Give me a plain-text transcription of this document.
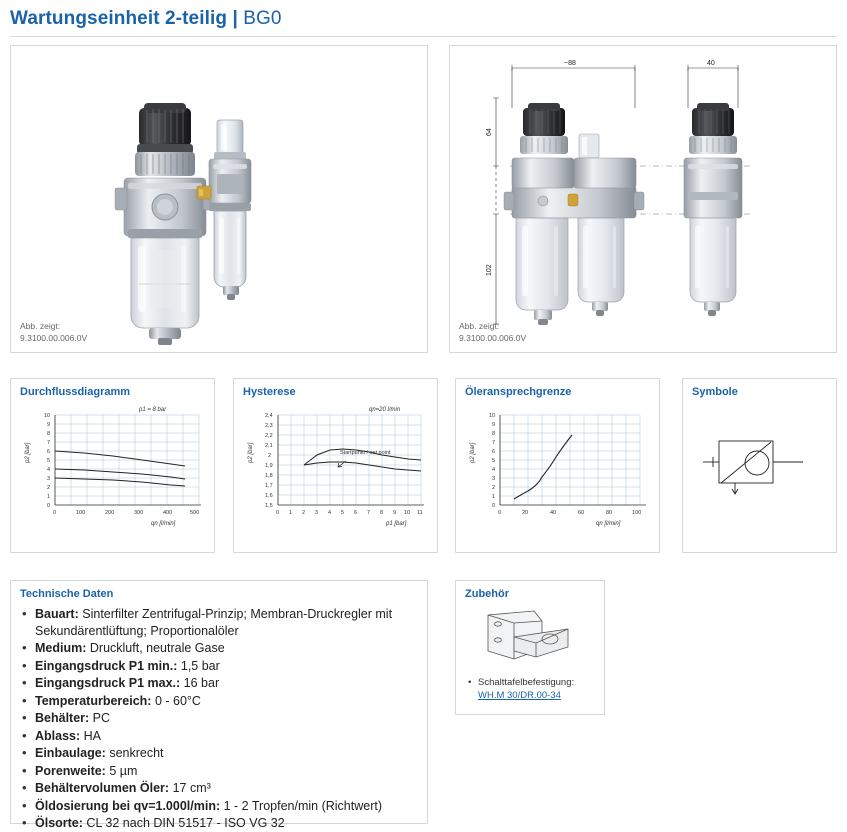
Wartungseinheit 2-teilig | BG0
Abb. zeigt:
9.3100.00.006.0V
~88	40
64
102
Abb. zeigt:
9.3100.00.006.0V
Durchflussdiagramm
10
9
8
7
6
5
4
3
2
1
0
0	100	200	300	400	500
p2 [bar]
qn [l/min]
p1 = 8 bar
Hysterese
2,4
2,3
2,2
2,1
2
1,9
1,8
1,7
1,6
1,5
0 1 2 3 4 5 6 7 8 9 10 11
p2 [bar]
p1 [bar]
qn=20 l/min
Startpunkt / set point
Öleransprechgrenze
10
9
8
7
6
5
4
3
2
1
0
0	20	40	60	80	100
p2 [bar]
qn [l/min]
Symbole
Technische Daten
• Bauart: Sinterfilter Zentrifugal-Prinzip; Membran-Druckregler mit Sekundärentlüftung; Proportionalöler
• Medium: Druckluft, neutrale Gase
• Eingangsdruck P1 min.: 1,5 bar
• Eingangsdruck P1 max.: 16 bar
• Temperaturbereich: 0 - 60°C
• Behälter: PC
• Ablass: HA
• Einbaulage: senkrecht
• Porenweite: 5 µm
• Behältervolumen Öler: 17 cm³
• Öldosierung bei qv=1.000l/min: 1 - 2 Tropfen/min (Richtwert)
• Ölsorte: CL 32 nach DIN 51517 - ISO VG 32
Zubehör
• Schalttafelbefestigung:
WH.M 30/DR.00-34
